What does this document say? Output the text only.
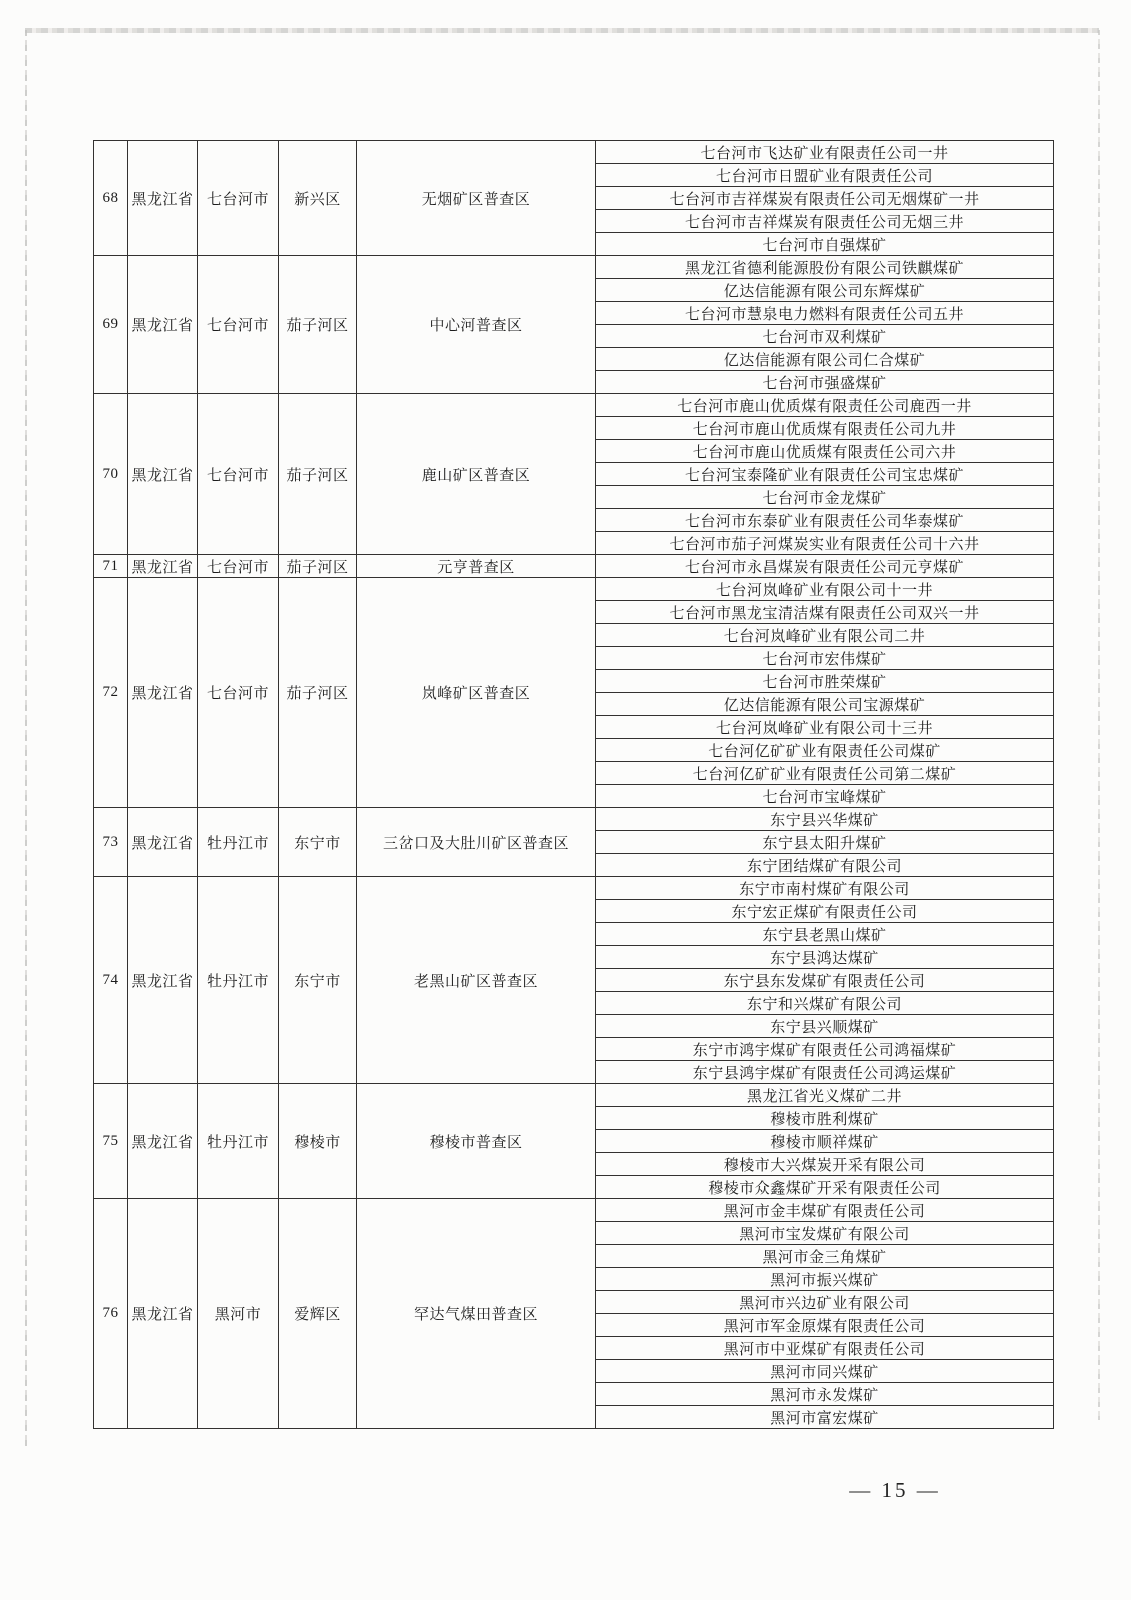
68	黑龙江省	七台河市	新兴区	无烟矿区普查区	七台河市飞达矿业有限责任公司一井
					七台河市日盟矿业有限责任公司
					七台河市吉祥煤炭有限责任公司无烟煤矿一井
					七台河市吉祥煤炭有限责任公司无烟三井
					七台河市自强煤矿
69	黑龙江省	七台河市	茄子河区	中心河普查区	黑龙江省德利能源股份有限公司铁麒煤矿
					亿达信能源有限公司东辉煤矿
					七台河市慧泉电力燃料有限责任公司五井
					七台河市双利煤矿
					亿达信能源有限公司仁合煤矿
					七台河市强盛煤矿
70	黑龙江省	七台河市	茄子河区	鹿山矿区普查区	七台河市鹿山优质煤有限责任公司鹿西一井
					七台河市鹿山优质煤有限责任公司九井
					七台河市鹿山优质煤有限责任公司六井
					七台河宝泰隆矿业有限责任公司宝忠煤矿
					七台河市金龙煤矿
					七台河市东泰矿业有限责任公司华泰煤矿
					七台河市茄子河煤炭实业有限责任公司十六井
71	黑龙江省	七台河市	茄子河区	元亨普查区	七台河市永昌煤炭有限责任公司元亨煤矿
72	黑龙江省	七台河市	茄子河区	岚峰矿区普查区	七台河岚峰矿业有限公司十一井
					七台河市黑龙宝清洁煤有限责任公司双兴一井
					七台河岚峰矿业有限公司二井
					七台河市宏伟煤矿
					七台河市胜荣煤矿
					亿达信能源有限公司宝源煤矿
					七台河岚峰矿业有限公司十三井
					七台河亿矿矿业有限责任公司煤矿
					七台河亿矿矿业有限责任公司第二煤矿
					七台河市宝峰煤矿
73	黑龙江省	牡丹江市	东宁市	三岔口及大肚川矿区普查区	东宁县兴华煤矿
					东宁县太阳升煤矿
					东宁团结煤矿有限公司
74	黑龙江省	牡丹江市	东宁市	老黑山矿区普查区	东宁市南村煤矿有限公司
					东宁宏正煤矿有限责任公司
					东宁县老黑山煤矿
					东宁县鸿达煤矿
					东宁县东发煤矿有限责任公司
					东宁和兴煤矿有限公司
					东宁县兴顺煤矿
					东宁市鸿宇煤矿有限责任公司鸿福煤矿
					东宁县鸿宇煤矿有限责任公司鸿运煤矿
75	黑龙江省	牡丹江市	穆棱市	穆棱市普查区	黑龙江省光义煤矿二井
					穆棱市胜利煤矿
					穆棱市顺祥煤矿
					穆棱市大兴煤炭开采有限公司
					穆棱市众鑫煤矿开采有限责任公司
76	黑龙江省	黑河市	爱辉区	罕达气煤田普查区	黑河市金丰煤矿有限责任公司
					黑河市宝发煤矿有限公司
					黑河市金三角煤矿
					黑河市振兴煤矿
					黑河市兴边矿业有限公司
					黑河市军金原煤有限责任公司
					黑河市中亚煤矿有限责任公司
					黑河市同兴煤矿
					黑河市永发煤矿
					黑河市富宏煤矿
— 15 —
